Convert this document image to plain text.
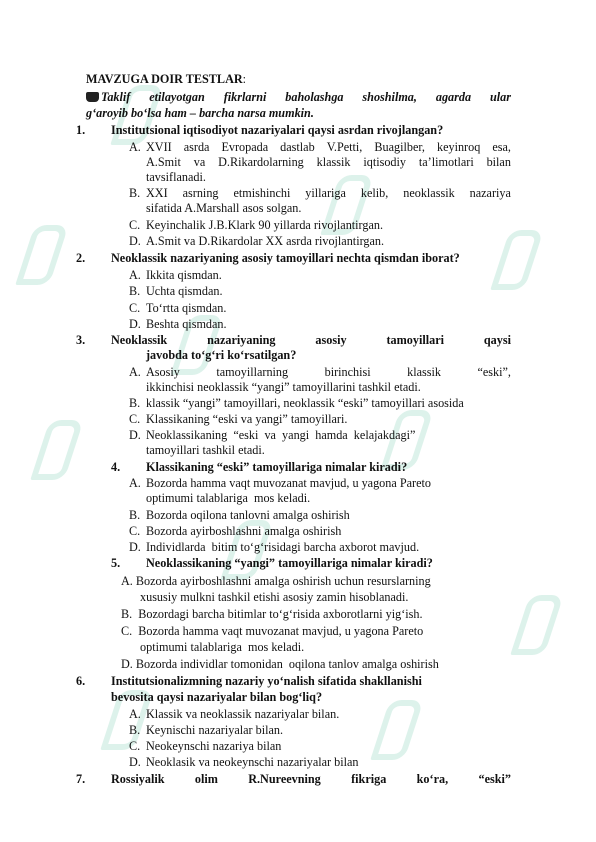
MAVZUGA DOIR TESTLAR:
Taklif etilayotgan fikrlarni baholashga shoshilma, agarda ular
g‘aroyib bo‘lsa ham – barcha narsa mumkin.
1. Institutsional iqtisodiyot nazariyalari qaysi asrdan rivojlangan?
A. XVII asrda Evropada dastlab V.Petti, Buagilber, keyinroq esa,
A.Smit va D.Rikardolarning klassik iqtisodiy ta’limotlari bilan
tavsiflanadi.
B. XXI asrning etmishinchi yillariga kelib, neoklassik nazariya
sifatida A.Marshall asos solgan.
C. Keyinchalik J.B.Klark 90 yillarda rivojlantirgan.
D. A.Smit va D.Rikardolar XX asrda rivojlantirgan.
2. Neoklassik nazariyaning asosiy tamoyillari nechta qismdan iborat?
A. Ikkita qismdan.
B. Uchta qismdan.
C. To‘rtta qismdan.
D. Beshta qismdan.
3. Neoklassik	nazariyaning	asosiy	tamoyillari	qaysi
javobda to‘g‘ri ko‘rsatilgan?
A. Asosiy	tamoyillarning	birinchisi	klassik	“eski”,
ikkinchisi neoklassik “yangi” tamoyillarini tashkil etadi.
B. klassik “yangi” tamoyillari, neoklassik “eski” tamoyillari asosida
C. Klassikaning “eski va yangi” tamoyillari.
D. Neoklassikaning  “eski  va  yangi  hamda  kelajakdagi”
tamoyillari tashkil etadi.
4. Klassikaning “eski” tamoyillariga nimalar kiradi?
A. Bozorda hamma vaqt muvozanat mavjud, u yagona Pareto
optimumi talablariga  mos keladi.
B. Bozorda oqilona tanlovni amalga oshirish
C. Bozorda ayirboshlashni amalga oshirish
D. Individlarda  bitim to‘g‘risidagi barcha axborot mavjud.
5. Neoklassikaning “yangi” tamoyillariga nimalar kiradi?
A. Bozorda ayirboshlashni amalga oshirish uchun resurslarning
xususiy mulkni tashkil etishi asosiy zamin hisoblanadi.
B.  Bozordagi barcha bitimlar to‘g‘risida axborotlarni yig‘ish.
C.  Bozorda hamma vaqt muvozanat mavjud, u yagona Pareto
optimumi talablariga  mos keladi.
D. Bozorda individlar tomonidan  oqilona tanlov amalga oshirish
6. Institutsionalizmning nazariy yo‘nalish sifatida shakllanishi
bevosita qaysi nazariyalar bilan bog‘liq?
A. Klassik va neoklassik nazariyalar bilan.
B. Keynischi nazariyalar bilan.
C. Neokeynschi nazariya bilan
D. Neoklasik va neokeynschi nazariyalar bilan
7. Rossiyalik olim R.Nureevning fikriga ko‘ra, “eski”
